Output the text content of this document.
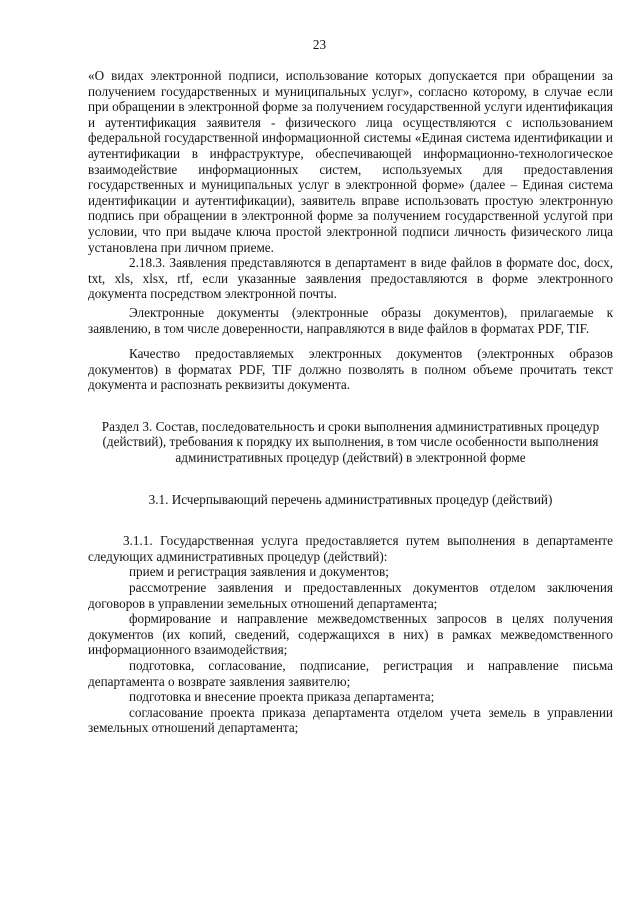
23

«О видах электронной подписи, использование которых допускается при обращении за получением государственных и муниципальных услуг», согласно которому, в случае если при обращении в электронной форме за получением государственной услуги идентификация и аутентификация заявителя - физического лица осуществляются с использованием федеральной государственной информационной системы «Единая система идентификации и аутентификации в инфраструктуре, обеспечивающей информационно-технологическое взаимодействие информационных систем, используемых для предоставления государственных и муниципальных услуг в электронной форме» (далее – Единая система идентификации и аутентификации), заявитель вправе использовать простую электронную подпись при обращении в электронной форме за получением государственной услугой при условии, что при выдаче ключа простой электронной подписи личность физического лица установлена при личном приеме.

2.18.3. Заявления представляются в департамент в виде файлов в формате doc, docx, txt, xls, xlsx, rtf, если указанные заявления предоставляются в форме электронного документа посредством электронной почты.

Электронные документы (электронные образы документов), прилагаемые к заявлению, в том числе доверенности, направляются в виде файлов в форматах PDF, TIF.

Качество предоставляемых электронных документов (электронных образов документов) в форматах PDF, TIF должно позволять в полном объеме прочитать текст документа и распознать реквизиты документа.

Раздел 3. Состав, последовательность и сроки выполнения административных процедур (действий), требования к порядку их выполнения, в том числе особенности выполнения административных процедур (действий) в электронной форме

3.1. Исчерпывающий перечень административных процедур (действий)

3.1.1. Государственная услуга предоставляется путем выполнения в департаменте следующих административных процедур (действий):

прием и регистрация заявления и документов;

рассмотрение заявления и предоставленных документов отделом заключения договоров в управлении земельных отношений департамента;

формирование и направление межведомственных запросов в целях получения документов (их копий, сведений, содержащихся в них) в рамках межведомственного информационного взаимодействия;

подготовка, согласование, подписание, регистрация и направление письма департамента о возврате заявления заявителю;

подготовка и внесение проекта приказа департамента;

согласование проекта приказа департамента отделом учета земель в управлении земельных отношений департамента;
